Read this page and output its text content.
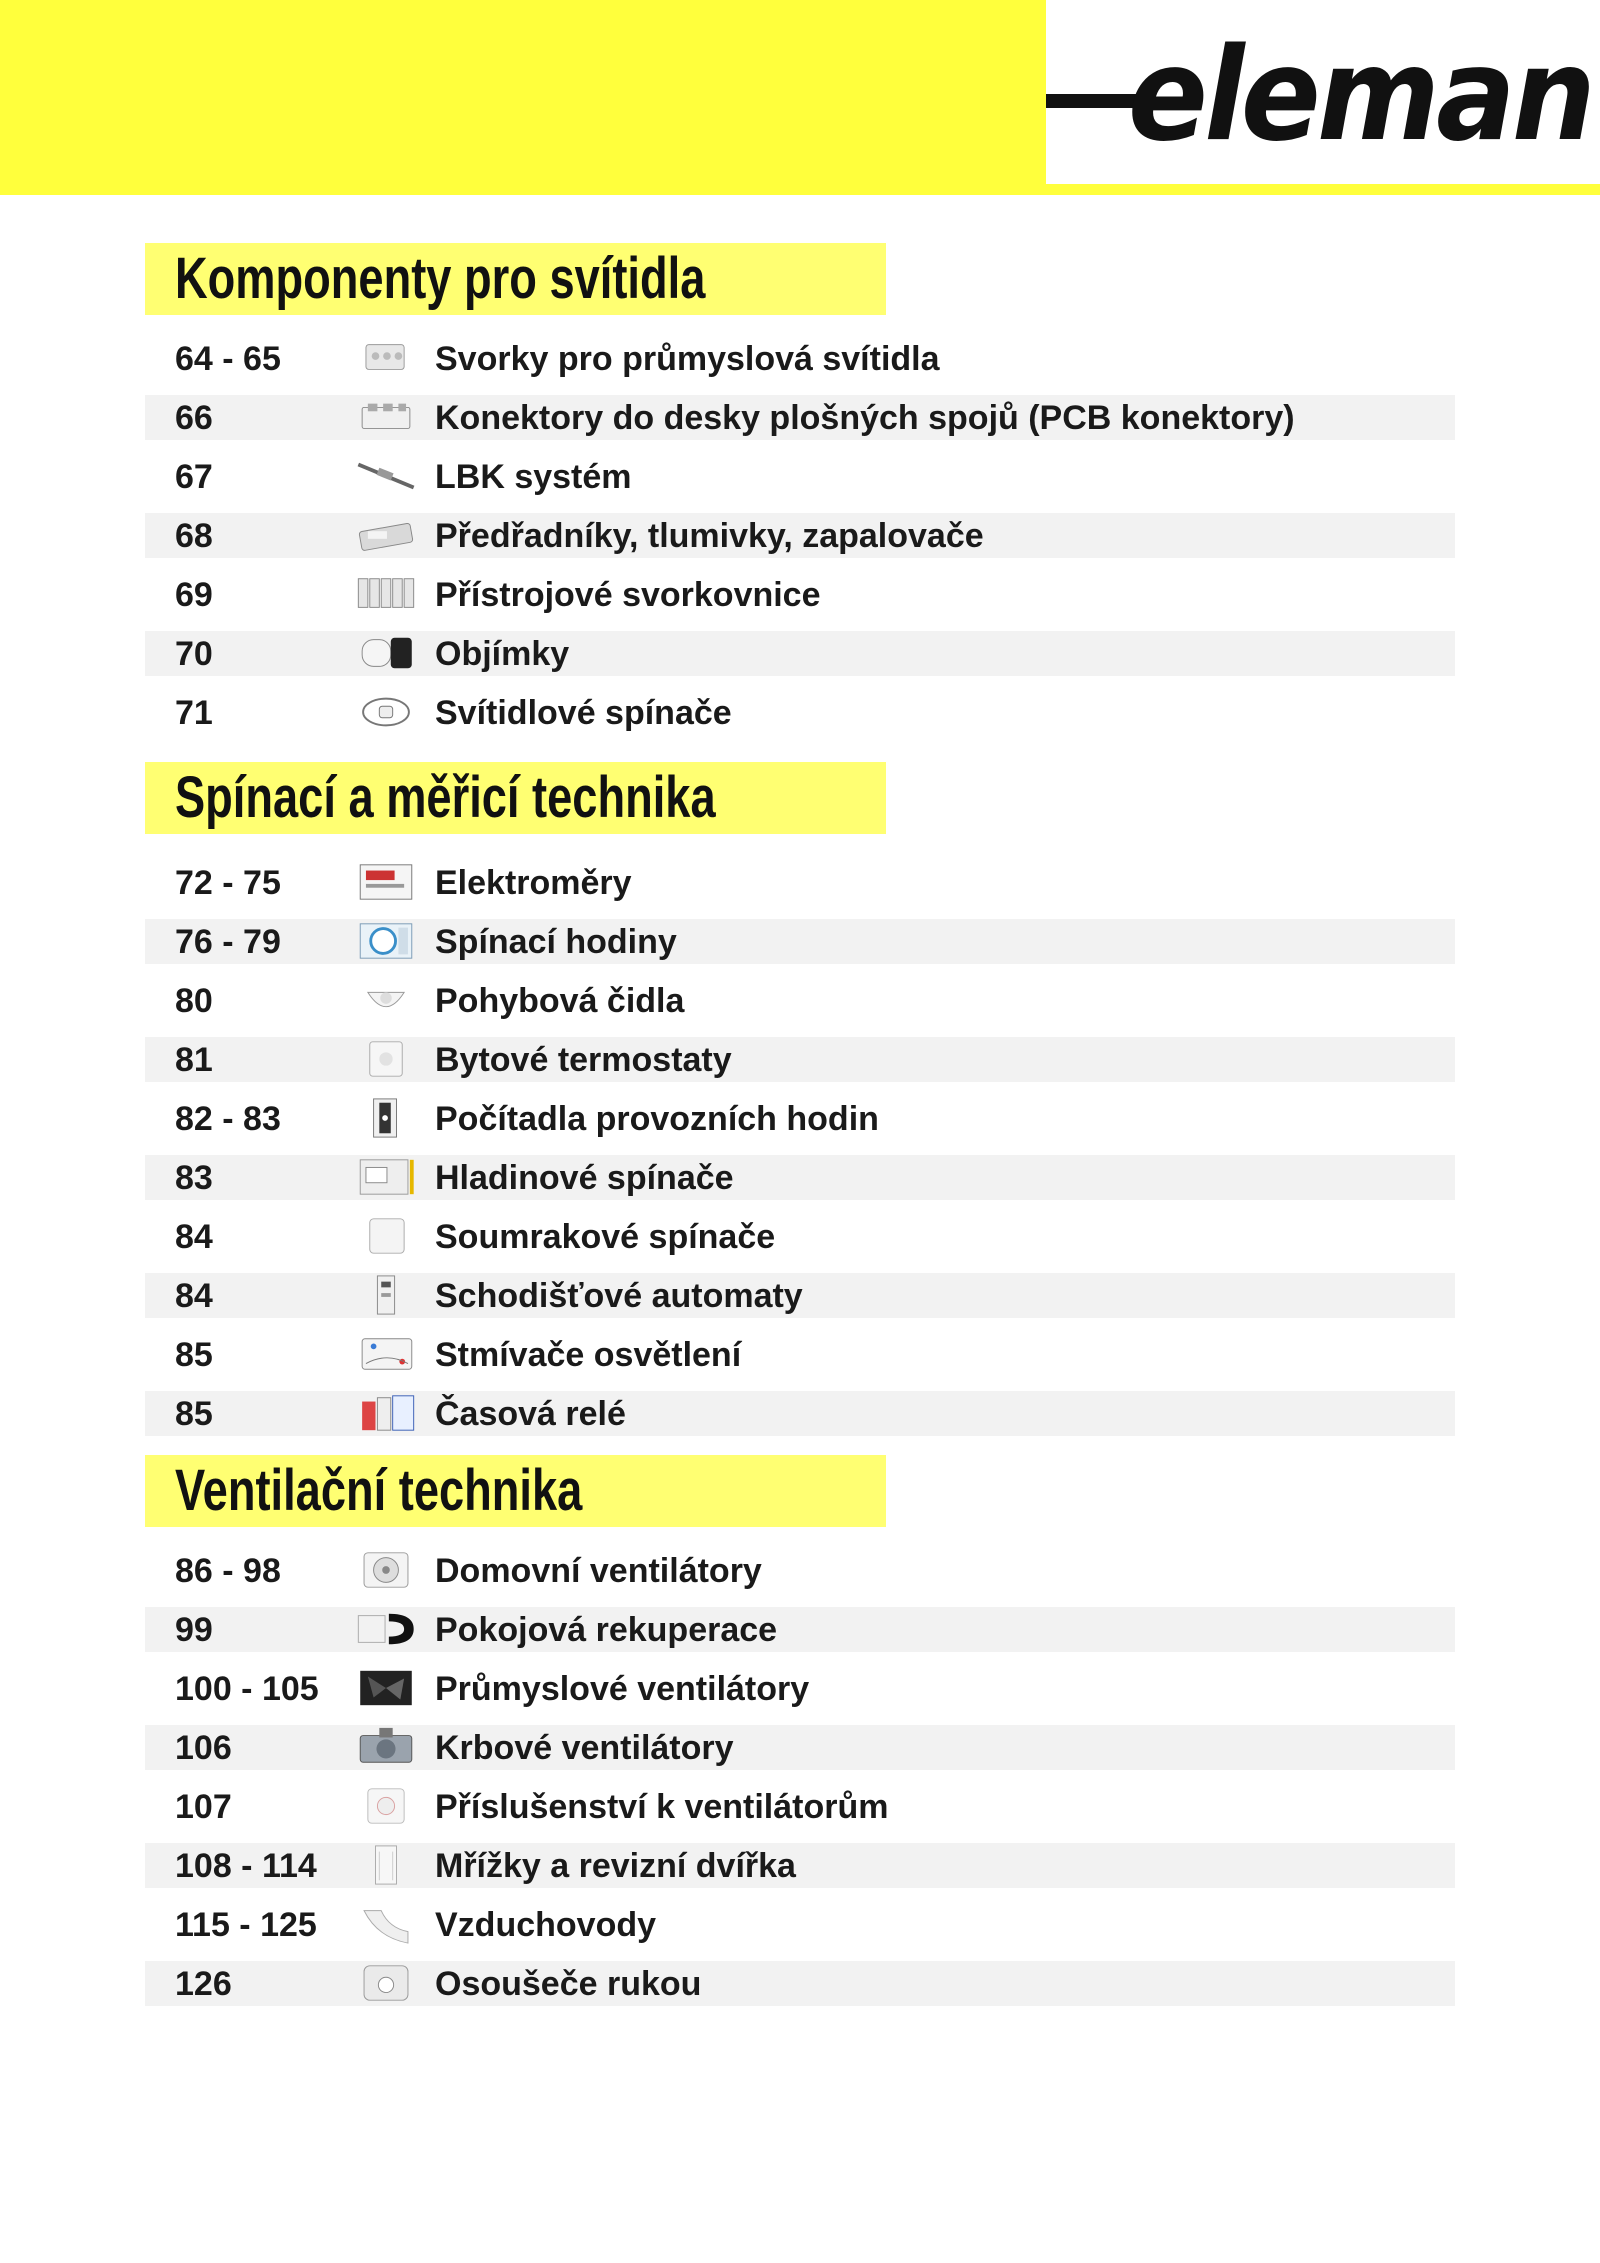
eleman
Komponenty pro svítidla
64 - 65	Svorky pro průmyslová svítidla
66	Konektory do desky plošných spojů (PCB konektory)
67	LBK systém
68	Předřadníky, tlumivky, zapalovače
69	Přístrojové svorkovnice
70	Objímky
71	Svítidlové spínače
Spínací a měřicí technika
72 - 75	Elektroměry
76 - 79	Spínací hodiny
80	Pohybová čidla
81	Bytové termostaty
82 - 83	Počítadla provozních hodin
83	Hladinové spínače
84	Soumrakové spínače
84	Schodišťové automaty
85	Stmívače osvětlení
85	Časová relé
Ventilační technika
86 - 98	Domovní ventilátory
99	Pokojová rekuperace
100 - 105	Průmyslové ventilátory
106	Krbové ventilátory
107	Příslušenství k ventilátorům
108 - 114	Mřížky a revizní dvířka
115 - 125	Vzduchovody
126	Osoušeče rukou
